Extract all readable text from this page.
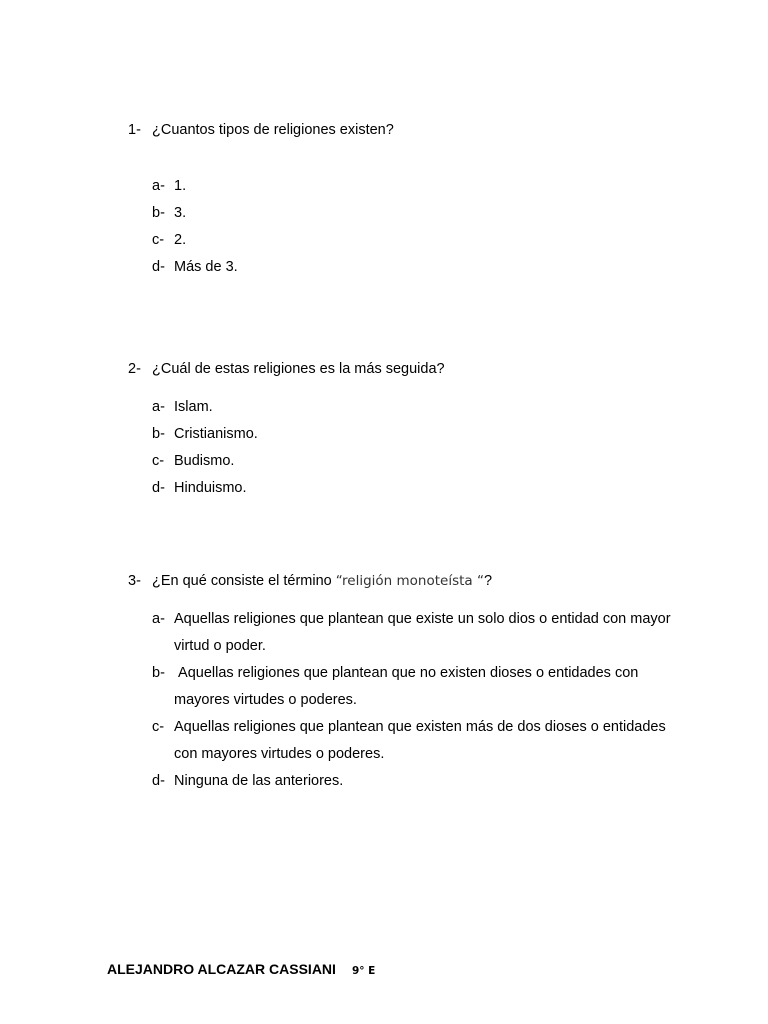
1- ¿Cuantos tipos de religiones existen?
a- 1.
b- 3.
c- 2.
d- Más de 3.
2- ¿Cuál de estas religiones es la más seguida?
a- Islam.
b- Cristianismo.
c- Budismo.
d- Hinduismo.
3- ¿En qué consiste el término “religión monoteísta “?
a- Aquellas religiones que plantean que existe un solo dios o entidad con mayor virtud o poder.
b- Aquellas religiones que plantean que no existen dioses o entidades con mayores virtudes o poderes.
c- Aquellas religiones que plantean que existen más de dos dioses o entidades con mayores virtudes o poderes.
d- Ninguna de las anteriores.
ALEJANDRO ALCAZAR CASSIANI 9° E
